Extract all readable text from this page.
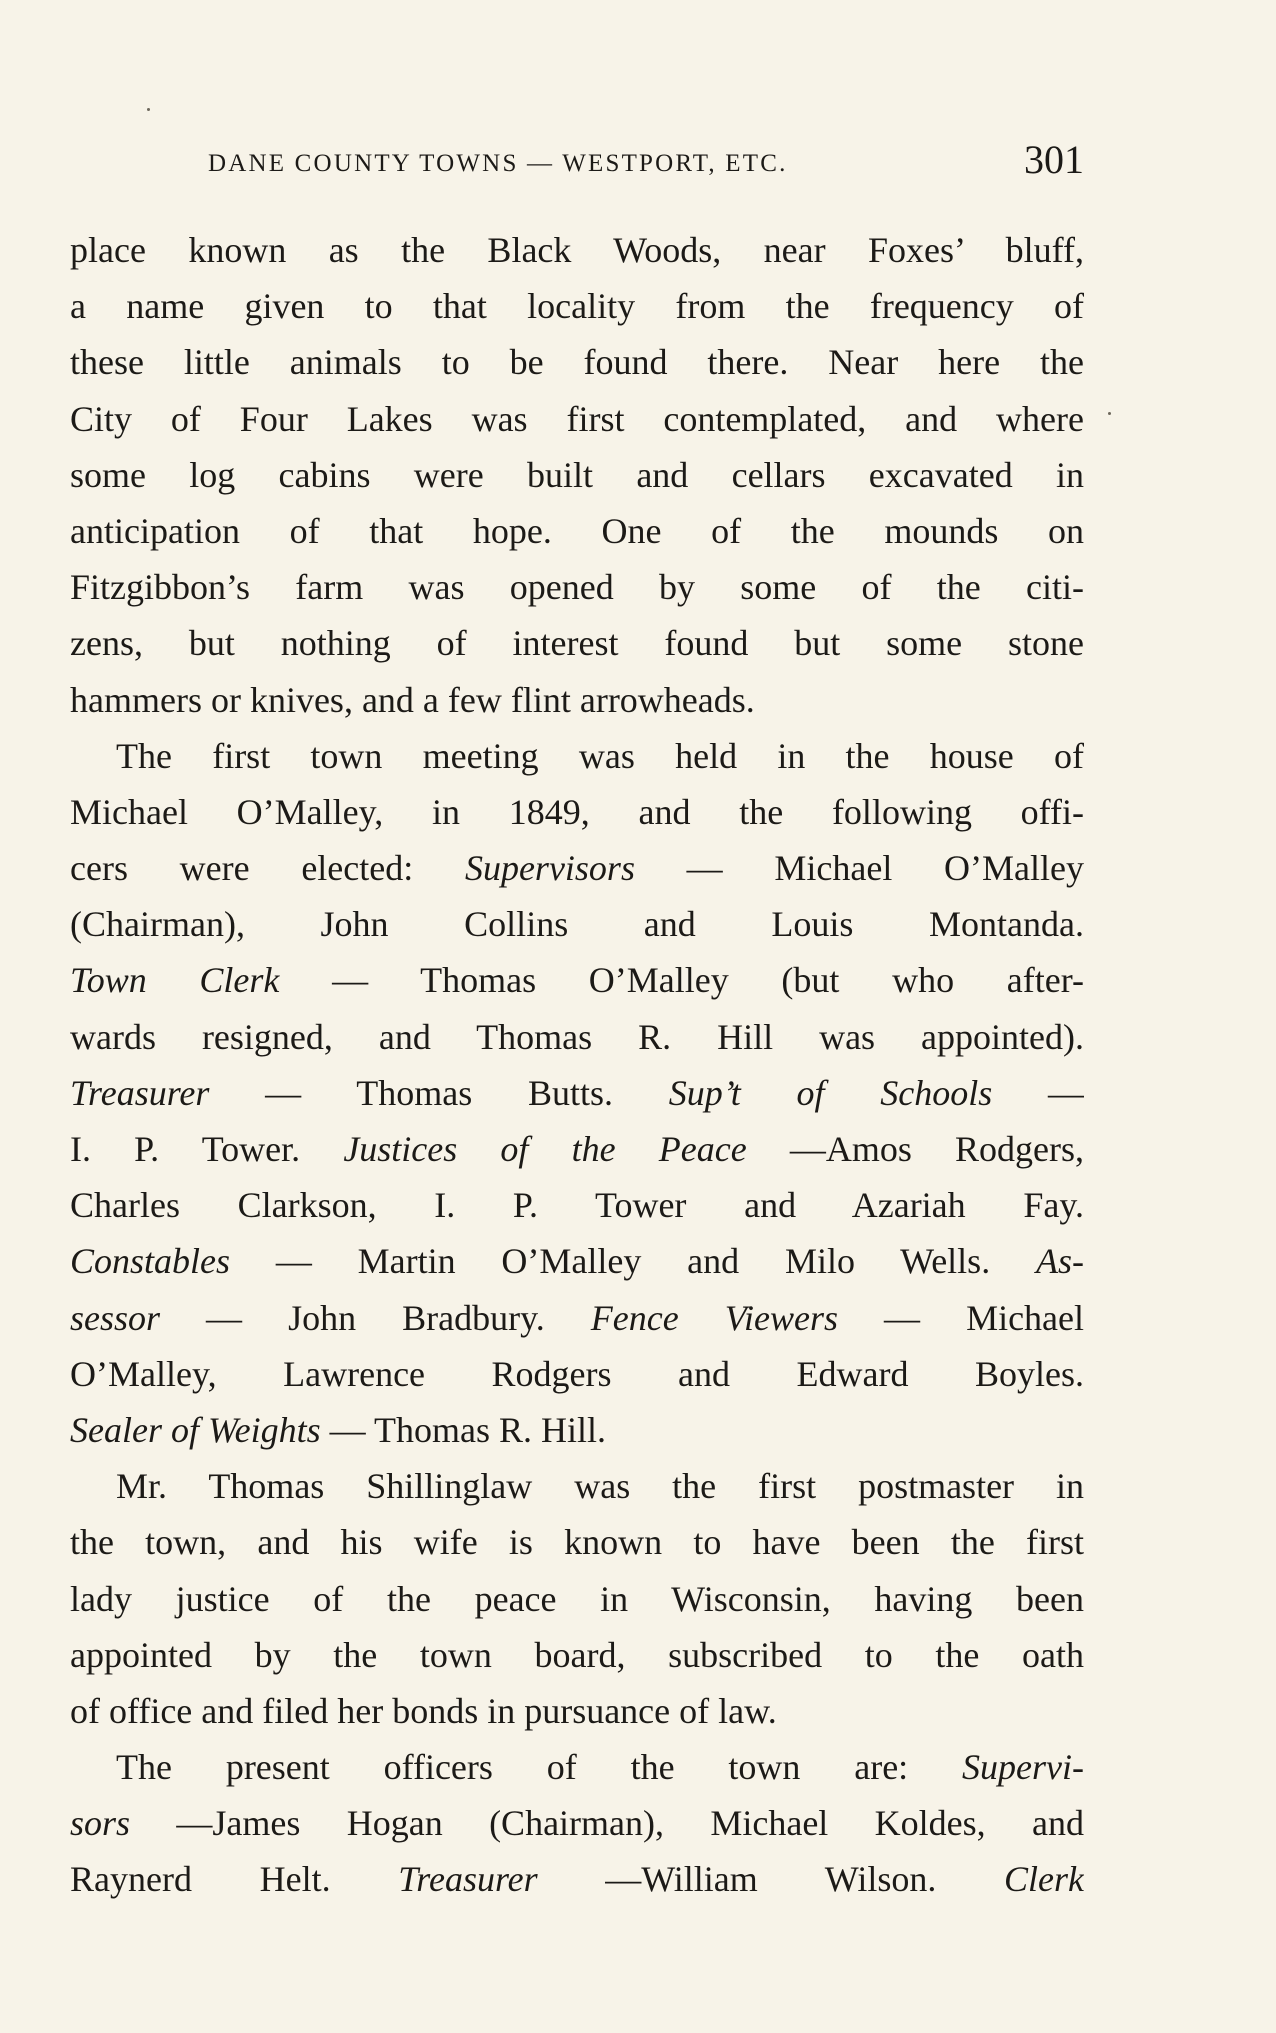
DANE COUNTY TOWNS — WESTPORT, ETC.	301
place known as the Black Woods, near Foxes’ bluff,
a name given to that locality from the frequency of
these little animals to be found there. Near here the
City of Four Lakes was first contemplated, and where
some log cabins were built and cellars excavated in
anticipation of that hope. One of the mounds on
Fitzgibbon’s farm was opened by some of the citi-
zens, but nothing of interest found but some stone
hammers or knives, and a few flint arrowheads.
The first town meeting was held in the house of
Michael O’Malley, in 1849, and the following offi-
cers were elected: Supervisors — Michael O’Malley
(Chairman), John Collins and Louis Montanda.
Town Clerk — Thomas O’Malley (but who after-
wards resigned, and Thomas R. Hill was appointed).
Treasurer — Thomas Butts. Sup’t of Schools —
I. P. Tower. Justices of the Peace —Amos Rodgers,
Charles Clarkson, I. P. Tower and Azariah Fay.
Constables — Martin O’Malley and Milo Wells. As-
sessor — John Bradbury. Fence Viewers — Michael
O’Malley, Lawrence Rodgers and Edward Boyles.
Sealer of Weights — Thomas R. Hill.
Mr. Thomas Shillinglaw was the first postmaster in
the town, and his wife is known to have been the first
lady justice of the peace in Wisconsin, having been
appointed by the town board, subscribed to the oath
of office and filed her bonds in pursuance of law.
The present officers of the town are: Supervi-
sors —James Hogan (Chairman), Michael Koldes, and
Raynerd Helt. Treasurer —William Wilson. Clerk
